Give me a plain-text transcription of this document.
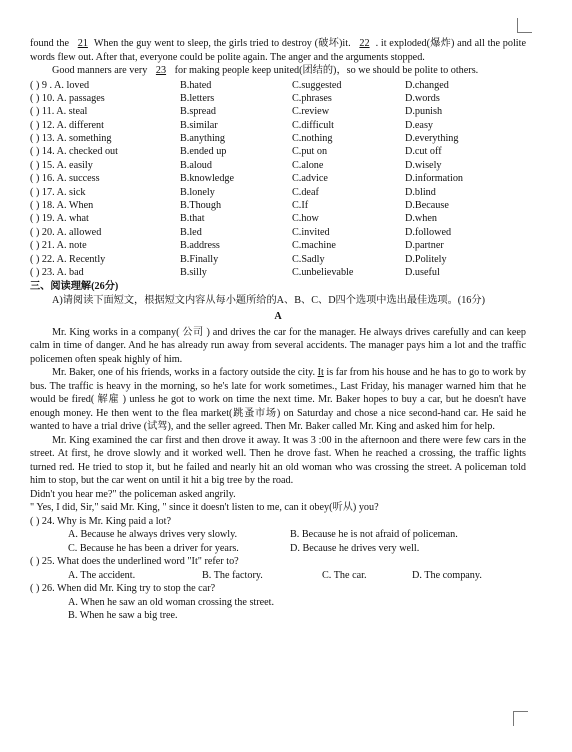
found the 21 When the guy went to sleep, the girls tried to destroy (破坏)it. 22 . it exploded(爆炸) and all the polite words flew out. After that, everyone could be polite again. The anger and the arguments stopped.

Good manners are very 23 for making people keep united(团结的)，so we should be polite to others.

( ) 9 . A. loved	B.hated	C.suggested	D.changed
( ) 10. A. passages	B.letters	C.phrases	D.words
( ) 11. A. steal	B.spread	C.review	D.punish
( ) 12. A. different	B.similar	C.difficult	D.easy
( ) 13. A. something	B.anything	C.nothing	D.everything
( ) 14. A. checked out	B.ended up	C.put on	D.cut off
( ) 15. A. easily	B.aloud	C.alone	D.wisely
( ) 16. A. success	B.knowledge	C.advice	D.information
( ) 17. A. sick	B.lonely	C.deaf	D.blind
( ) 18. A. When	B.Though	C.If	D.Because
( ) 19. A. what	B.that	C.how	D.when
( ) 20. A. allowed	B.led	C.invited	D.followed
( ) 21. A. note	B.address	C.machine	D.partner
( ) 22. A. Recently	B.Finally	C.Sadly	D.Politely
( ) 23. A. bad	B.silly	C.unbelievable	D.useful

三、阅读理解(26分)

A)请阅读下面短文，根据短文内容从每小题所给的A、B、C、D四个选项中选出最佳选项。(16分)

A

Mr. King works in a company( 公司 ) and drives the car for the manager. He always drives carefully and can keep calm in time of danger. And he has already run away from several accidents. The manager pays him a lot and the traffic policemen often speak highly of him.

Mr. Baker, one of his friends, works in a factory outside the city. It is far from his house and he has to go to work by bus. The traffic is heavy in the morning, so he's late for work sometimes., Last Friday, his manager warned him that he would be fired( 解雇 ) unless he got to work on time the next time. Mr. Baker hopes to buy a car, but he doesn't have enough money. He then went to the flea market(跳蚤市场) on Saturday and chose a nice second-hand car. He said he wanted to have a trial drive (试驾), and the seller agreed. Then Mr. Baker called Mr. King and asked him for help.

Mr. King examined the car first and then drove it away. It was 3 :00 in the afternoon and there were few cars in the street. At first, he drove slowly and it worked well. Then he drove fast. When he reached a crossing, the traffic lights turned red. He tried to stop it, but he failed and nearly hit an old woman who was crossing the street. A policeman told him to stop, but the car went on until it hit a big tree by the road.

Didn't you hear me?" the policeman asked angrily.

" Yes, I did, Sir," said Mr. King, " since it doesn't listen to me, can it obey(听从) you?

( ) 24. Why is Mr. King paid a lot?

A. Because he always drives very slowly.	B. Because he is not afraid of policeman.
C. Because he has been a driver for years.	D. Because he drives very well.

( ) 25. What does the underlined word "It" refer to?

A. The accident.	B. The factory.	C. The car.	D. The company.

( ) 26. When did Mr. King try to stop the car?

A. When he saw an old woman crossing the street.

B. When he saw a big tree.
